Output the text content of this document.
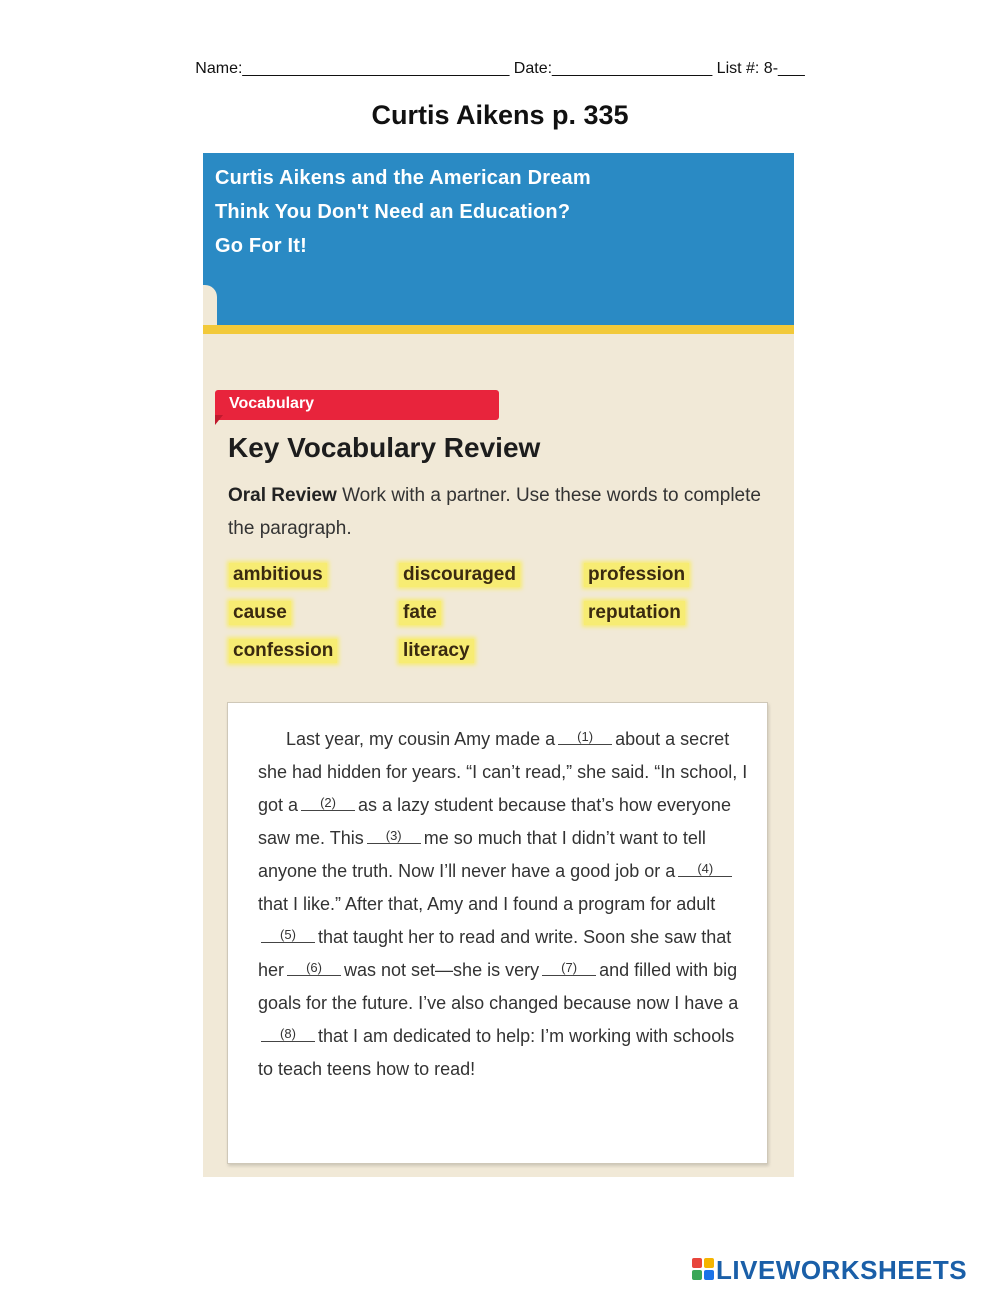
Name:______________________________ Date:__________________ List #: 8-___
Curtis Aikens p. 335
Curtis Aikens and the American Dream
Think You Don't Need an Education?
Go For It!
Vocabulary
Key Vocabulary Review
Oral Review Work with a partner. Use these words to complete the paragraph.
ambitious	discouraged	profession
cause	fate	reputation
confession	literacy
Last year, my cousin Amy made a (1) about a secret she had hidden for years. “I can’t read,” she said. “In school, I got a (2) as a lazy student because that’s how everyone saw me. This (3) me so much that I didn’t want to tell anyone the truth. Now I’ll never have a good job or a (4)that I like.” After that, Amy and I found a program for adult(5) that taught her to read and write. Soon she saw that her (6) was not set—she is very (7) and filled with big goals for the future. I’ve also changed because now I have a(8) that I am dedicated to help: I’m working with schools to teach teens how to read!
LIVEWORKSHEETS
